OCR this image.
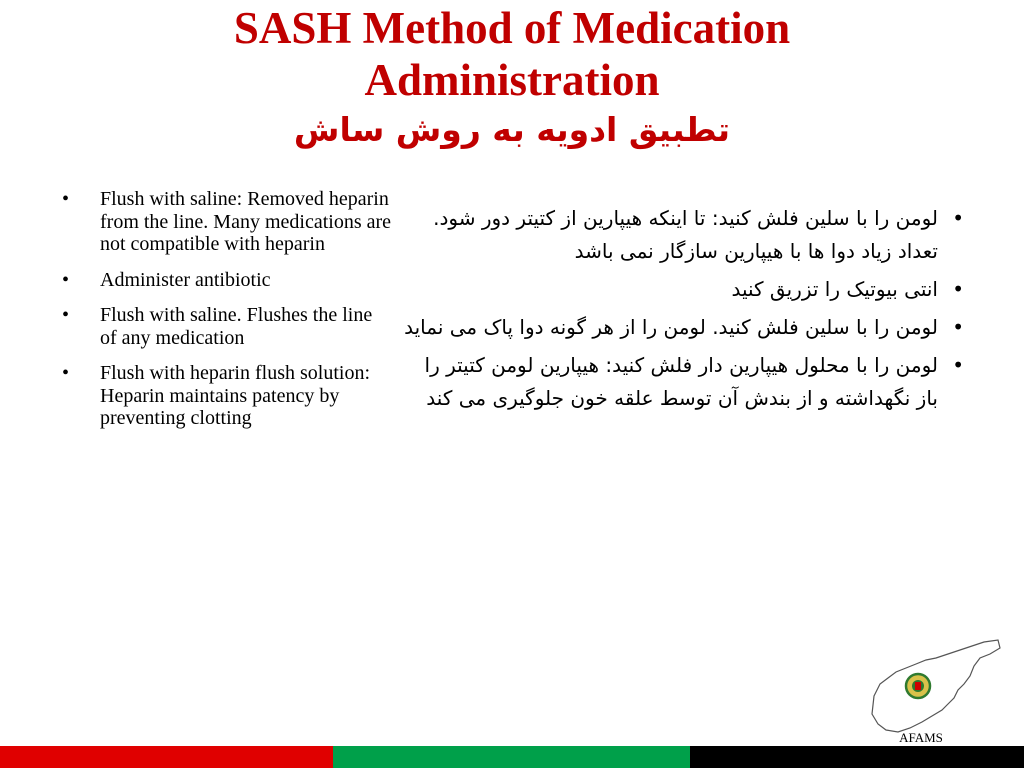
SASH Method of Medication

Administration

تطبیق ادویه به روش ساش

• Flush with saline: Removed heparin from the line. Many medications are not compatible with heparin
• Administer antibiotic
• Flush with saline. Flushes the line of any medication
• Flush with heparin flush solution: Heparin maintains patency by preventing clotting
•
لومن را با سلین فلش کنید: تا اینکه هیپارین از کتیتر دور شود. تعداد زیاد دوا ها با هیپارین سازگار نمی باشد
•
انتی بیوتیک را تزریق کنید
•
لومن را با سلین فلش کنید. لومن را از هر گونه دوا پاک می نماید
•
لومن را با محلول هیپارین دار فلش کنید: هیپارین لومن کتیتر را باز نگهداشته و از بندش آن توسط علقه خون جلوگیری می کند
AFAMS
